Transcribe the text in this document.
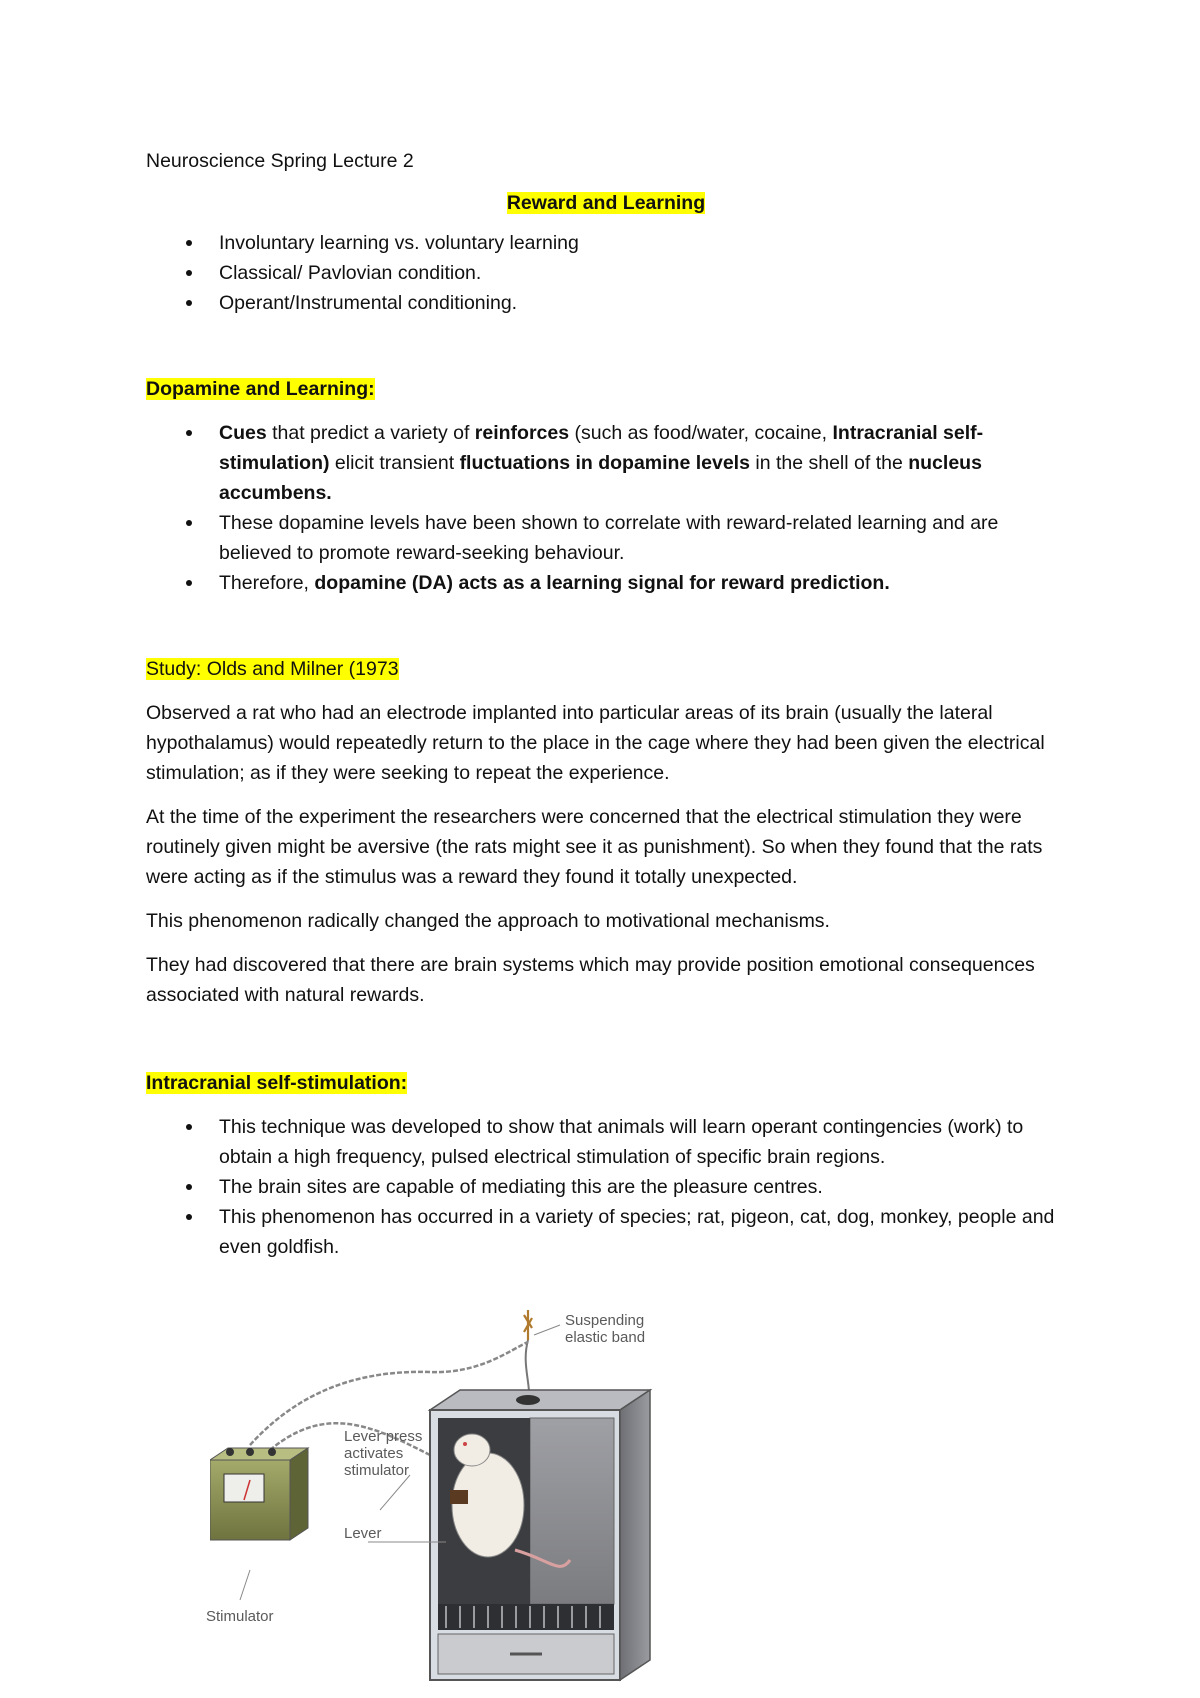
Neuroscience Spring Lecture 2
Reward and Learning
Involuntary learning vs. voluntary learning
Classical/ Pavlovian condition.
Operant/Instrumental conditioning.
Dopamine and Learning:
Cues that predict a variety of reinforces (such as food/water, cocaine, Intracranial self-stimulation) elicit transient fluctuations in dopamine levels in the shell of the nucleus accumbens.
These dopamine levels have been shown to correlate with reward-related learning and are believed to promote reward-seeking behaviour.
Therefore, dopamine (DA) acts as a learning signal for reward prediction.
Study: Olds and Milner (1973

Observed a rat who had an electrode implanted into particular areas of its brain (usually the lateral hypothalamus) would repeatedly return to the place in the cage where they had been given the electrical stimulation; as if they were seeking to repeat the experience.

At the time of the experiment the researchers were concerned that the electrical stimulation they were routinely given might be aversive (the rats might see it as punishment). So when they found that the rats were acting as if the stimulus was a reward they found it totally unexpected.

This phenomenon radically changed the approach to motivational mechanisms.

They had discovered that there are brain systems which may provide position emotional consequences associated with natural rewards.

Intracranial self-stimulation:
This technique was developed to show that animals will learn operant contingencies (work) to obtain a high frequency, pulsed electrical stimulation of specific brain regions.
The brain sites are capable of mediating this are the pleasure centres.
This phenomenon has occurred in a variety of species; rat, pigeon, cat, dog, monkey, people and even goldfish.
Suspending
elastic band
Lever press
activates
stimulator
Lever
Stimulator
